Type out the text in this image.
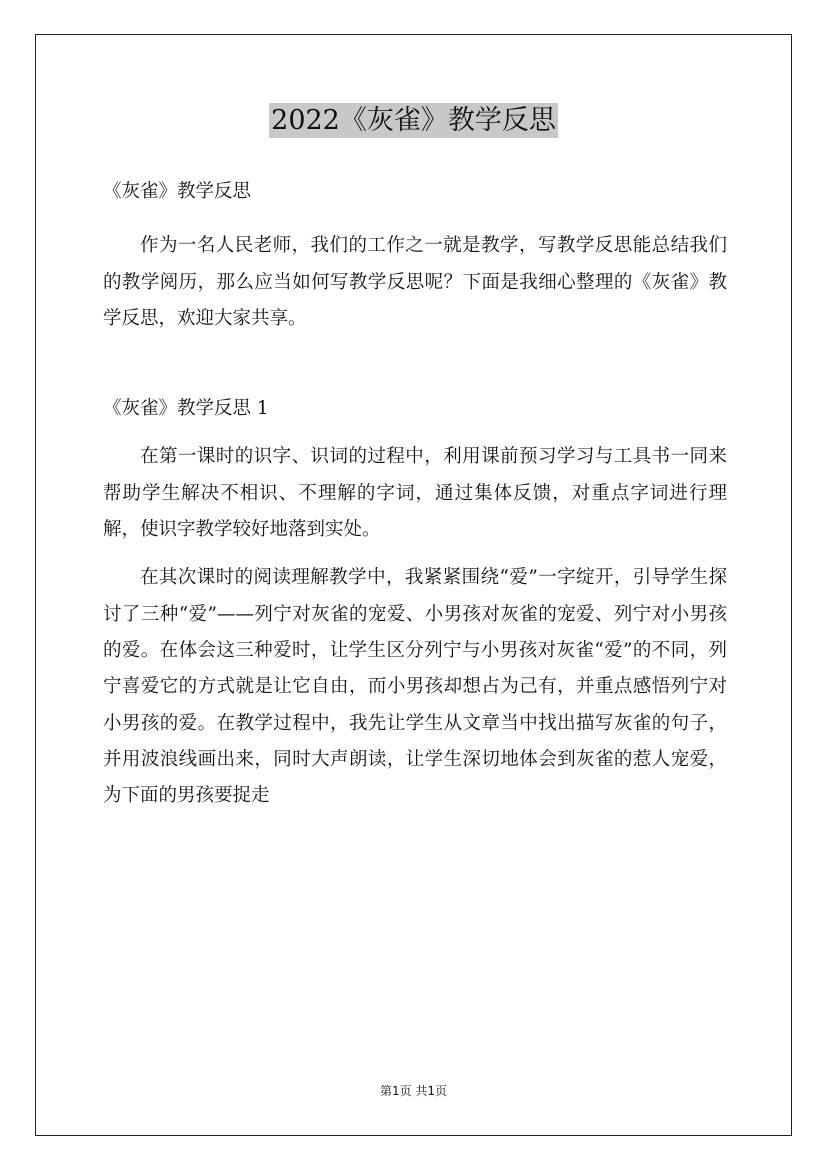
2022《灰雀》教学反思

《灰雀》教学反思

作为一名人民老师，我们的工作之一就是教学，写教学反思能总结我们的教学阅历，那么应当如何写教学反思呢？下面是我细心整理的《灰雀》教学反思，欢迎大家共享。

《灰雀》教学反思 1

在第一课时的识字、识词的过程中，利用课前预习学习与工具书一同来帮助学生解决不相识、不理解的字词，通过集体反馈，对重点字词进行理解，使识字教学较好地落到实处。

在其次课时的阅读理解教学中，我紧紧围绕“爱”一字绽开，引导学生探讨了三种“爱”——列宁对灰雀的宠爱、小男孩对灰雀的宠爱、列宁对小男孩的爱。在体会这三种爱时，让学生区分列宁与小男孩对灰雀“爱”的不同，列宁喜爱它的方式就是让它自由，而小男孩却想占为己有，并重点感悟列宁对小男孩的爱。在教学过程中，我先让学生从文章当中找出描写灰雀的句子，并用波浪线画出来，同时大声朗读，让学生深切地体会到灰雀的惹人宠爱，为下面的男孩要捉走

第1页 共1页
